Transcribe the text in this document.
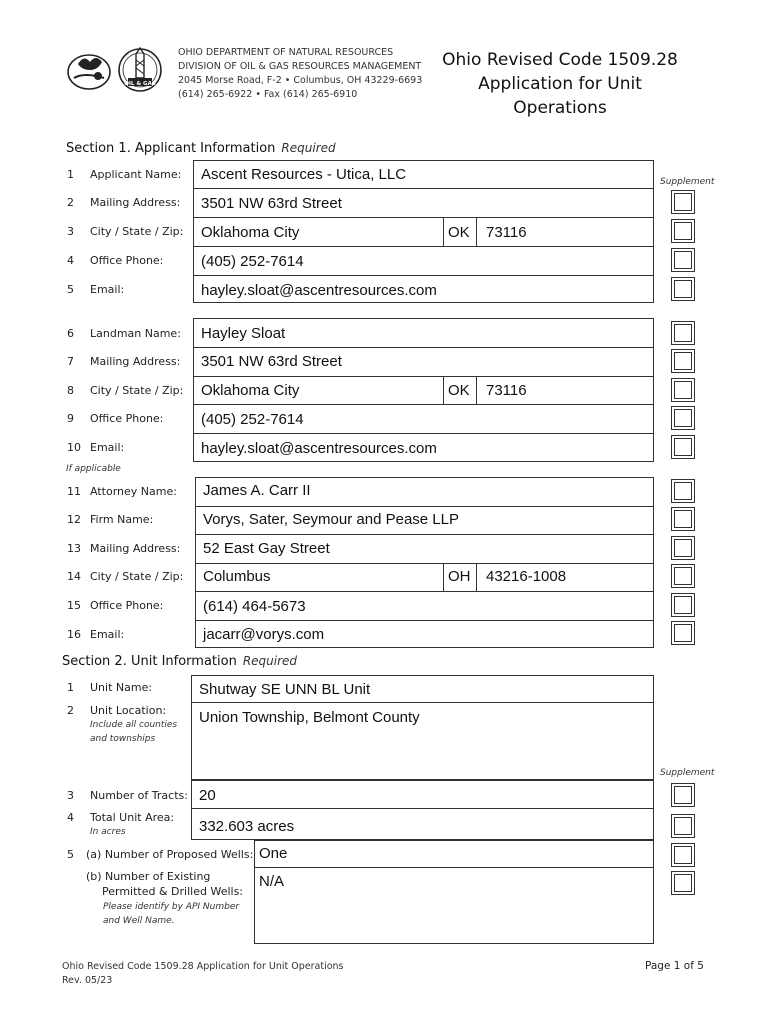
OIL & GAS
OHIO DEPARTMENT OF NATURAL RESOURCES
DIVISION OF OIL & GAS RESOURCES MANAGEMENT
2045 Morse Road, F-2 • Columbus, OH 43229-6693
(614) 265-6922 • Fax (614) 265-6910
Ohio Revised Code 1509.28
Application for Unit
Operations
Section 1. Applicant Information Required
Supplement
If applicable
1 Applicant Name: Ascent Resources - Utica, LLC
2 Mailing Address: 3501 NW 63rd Street
3 City / State / Zip: Oklahoma City	OK 73116
4 Office Phone:	(405) 252-7614
5 Email:	hayley.sloat@ascentresources.com
6 Landman Name: Hayley Sloat
7 Mailing Address: 3501 NW 63rd Street
8 City / State / Zip: Oklahoma City	OK 73116
9 Office Phone:	(405) 252-7614
10 Email:	hayley.sloat@ascentresources.com
11 Attorney Name: James A. Carr II
12 Firm Name:	Vorys, Sater, Seymour and Pease LLP
13 Mailing Address: 52 East Gay Street
14 City / State / Zip: Columbus	OH 43216-1008
15 Office Phone:	(614) 464-5673
16 Email:	jacarr@vorys.com
Section 2. Unit Information Required
1 Unit Name:	Shutway SE UNN BL Unit
2 Unit Location:
Include all counties
and townships
Union Township, Belmont County
Supplement
3 Number of Tracts: 20
4 Total Unit Area:
In acres	332.603 acres
5 (a) Number of Proposed Wells: One
(b) Number of Existing
Permitted & Drilled Wells:
Please identify by API Number
and Well Name.
N/A
Ohio Revised Code 1509.28 Application for Unit Operations
Rev. 05/23
Page 1 of 5
